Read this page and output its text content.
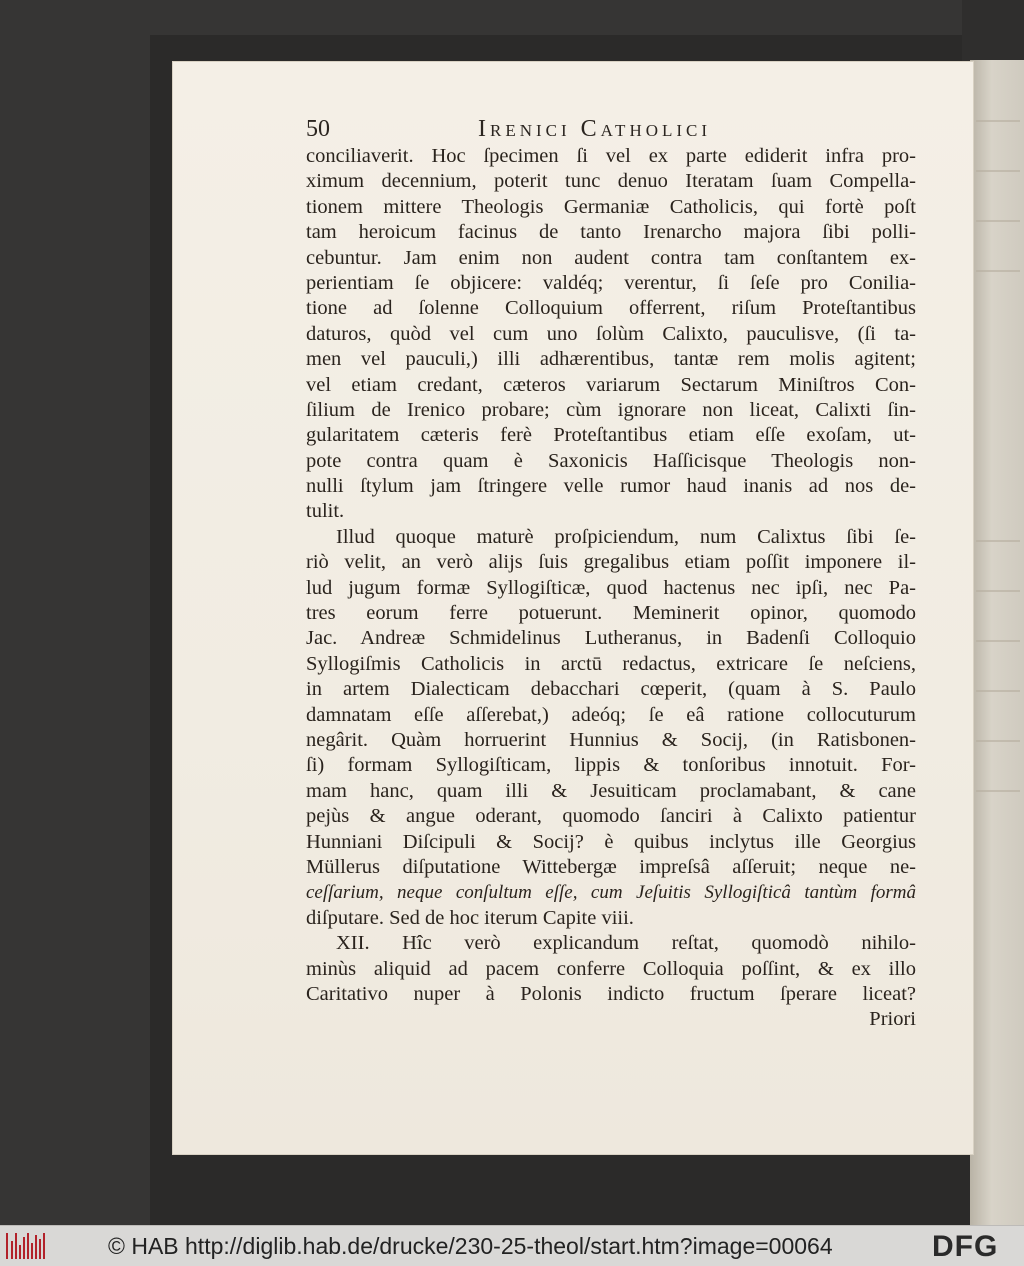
50	Irenici Catholici
conciliaverit. Hoc ſpecimen ſi vel ex parte ediderit infra pro-
ximum decennium, poterit tunc denuo Iteratam ſuam Compella-
tionem mittere Theologis Germaniæ Catholicis, qui fortè poſt
tam heroicum facinus de tanto Irenarcho majora ſibi polli-
cebuntur. Jam enim non audent contra tam conſtantem ex-
perientiam ſe objicere: valdéq; verentur, ſi ſeſe pro Conilia-
tione ad ſolenne Colloquium offerrent, riſum Proteſtantibus
daturos, quòd vel cum uno ſolùm Calixto, pauculisve, (ſi ta-
men vel pauculi,) illi adhærentibus, tantæ rem molis agitent;
vel etiam credant, cæteros variarum Sectarum Miniſtros Con-
ſilium de Irenico probare; cùm ignorare non liceat, Calixti ſin-
gularitatem cæteris ferè Proteſtantibus etiam eſſe exoſam, ut-
pote contra quam è Saxonicis Haſſicisque Theologis non-
nulli ſtylum jam ſtringere velle rumor haud inanis ad nos de-
tulit.
Illud quoque maturè proſpiciendum, num Calixtus ſibi ſe-
riò velit, an verò alijs ſuis gregalibus etiam poſſit imponere il-
lud jugum formæ Syllogiſticæ, quod hactenus nec ipſi, nec Pa-
tres eorum ferre potuerunt. Meminerit opinor, quomodo
Jac. Andreæ Schmidelinus Lutheranus, in Badenſi Colloquio
Syllogiſmis Catholicis in arctū redactus, extricare ſe neſciens,
in artem Dialecticam debacchari cœperit, (quam à S. Paulo
damnatam eſſe aſſerebat,) adeóq; ſe eâ ratione collocuturum
negârit. Quàm horruerint Hunnius & Socij, (in Ratisbonen-
ſi) formam Syllogiſticam, lippis & tonſoribus innotuit. For-
mam hanc, quam illi & Jesuiticam proclamabant, & cane
pejùs & angue oderant, quomodo ſanciri à Calixto patientur
Hunniani Diſcipuli & Socij? è quibus inclytus ille Georgius
Müllerus diſputatione Wittebergæ impreſsâ aſſeruit; neque ne-
ceſſarium, neque conſultum eſſe, cum Jeſuitis Syllogiſticâ tantùm formâ
diſputare. Sed de hoc iterum Capite viii.
XII. Hîc verò explicandum reſtat, quomodò nihilo-
minùs aliquid ad pacem conferre Colloquia poſſint, & ex illo
Caritativo nuper à Polonis indicto fructum ſperare liceat?
Priori
© HAB http://diglib.hab.de/drucke/230-25-theol/start.htm?image=00064	DFG
